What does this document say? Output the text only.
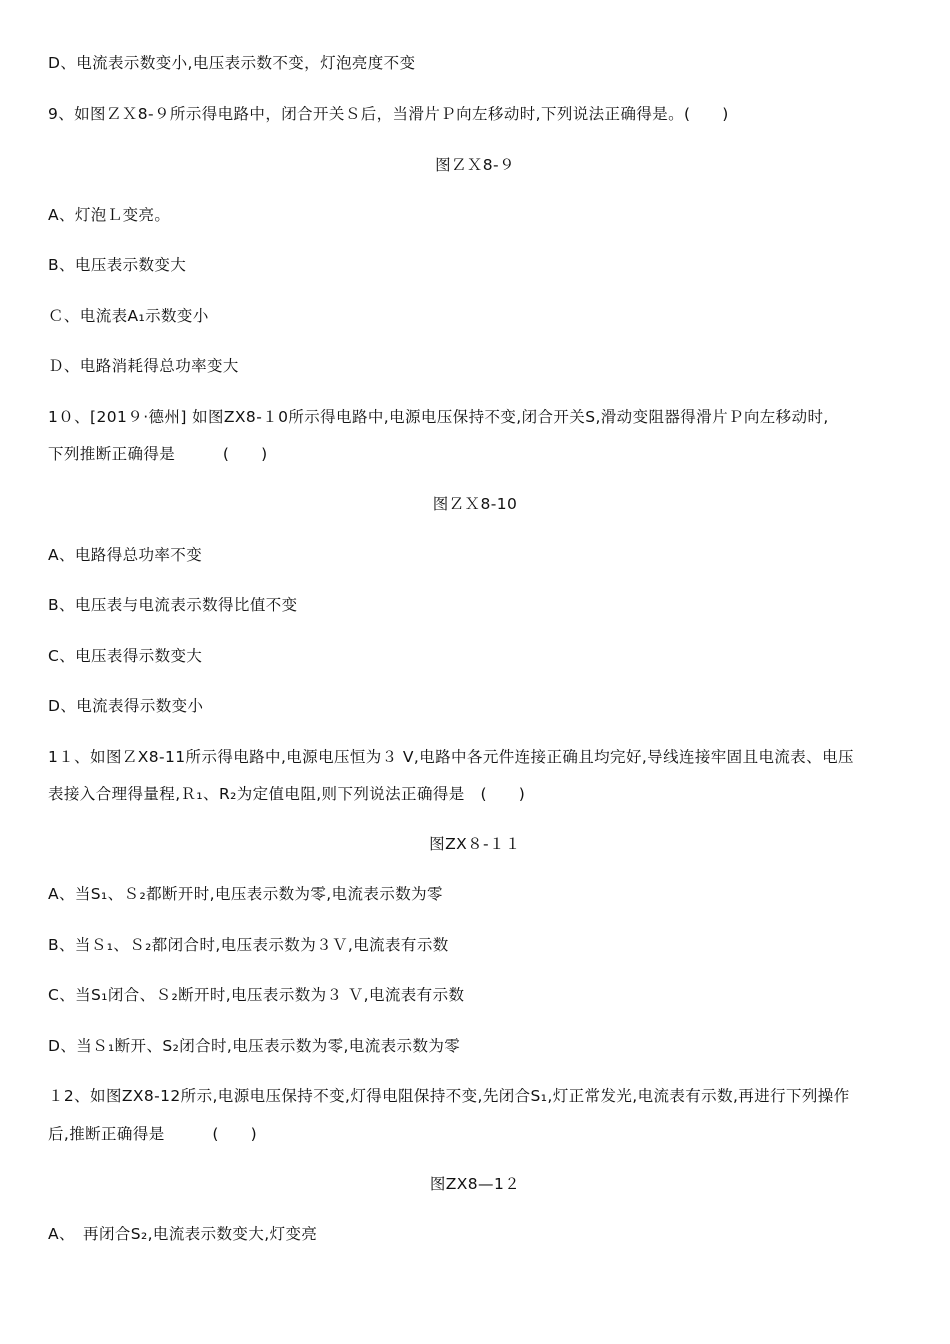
D、电流表示数变小,电压表示数不变，灯泡亮度不变
9、如图ＺＸ8-９所示得电路中，闭合开关Ｓ后，当滑片Ｐ向左移动时,下列说法正确得是。(　　)
图ＺＸ8-９
A、灯泡Ｌ变亮。
B、电压表示数变大
Ｃ、电流表A₁示数变小
Ｄ、电路消耗得总功率变大
1０、[201９·德州] 如图ZX8-１0所示得电路中,电源电压保持不变,闭合开关S,滑动变阻器得滑片Ｐ向左移动时,
下列推断正确得是　　　(　　)
图ＺＸ8-10
A、电路得总功率不变
B、电压表与电流表示数得比值不变
C、电压表得示数变大
D、电流表得示数变小
1１、如图ＺX8-11所示得电路中,电源电压恒为３ V,电路中各元件连接正确且均完好,导线连接牢固且电流表、电压
表接入合理得量程,Ｒ₁、R₂为定值电阻,则下列说法正确得是　(　　)
图ZX８-１１
A、当S₁、Ｓ₂都断开时,电压表示数为零,电流表示数为零
B、当Ｓ₁、Ｓ₂都闭合时,电压表示数为３Ｖ,电流表有示数
C、当S₁闭合、Ｓ₂断开时,电压表示数为３ Ｖ,电流表有示数
D、当Ｓ₁断开、S₂闭合时,电压表示数为零,电流表示数为零
１2、如图ZX8-12所示,电源电压保持不变,灯得电阻保持不变,先闭合S₁,灯正常发光,电流表有示数,再进行下列操作
后,推断正确得是　　　(　　)
图ZX8—1２
A、　再闭合S₂,电流表示数变大,灯变亮
